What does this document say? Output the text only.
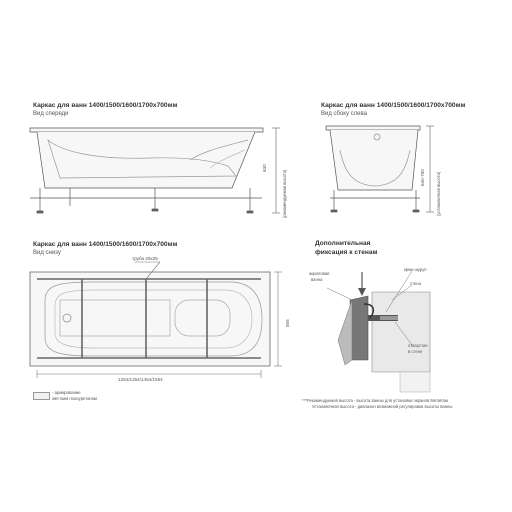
Каркас для ванн 1400/1500/1600/1700х700мм
Вид спереди
630
(рекомендуемая высота)
Каркас для ванн 1400/1500/1600/1700х700мм
Вид сбоку слева
640-700	(установочная высота)
Каркас для ванн 1400/1500/1600/1700х700мм
Вид снизу
труба 25х25
555
1254/1354/1454/1554
- армирование
жёстким полиуретаном
Дополнительная
фиксация к стенам
акриловая
ванна
крюк-шуруп
стена
отверстие
в стене
***Рекомендуемая высота - высота ванны для установки экранов МетаКом
Установочная высота - диапазон возможной регулировки высоты ванны
